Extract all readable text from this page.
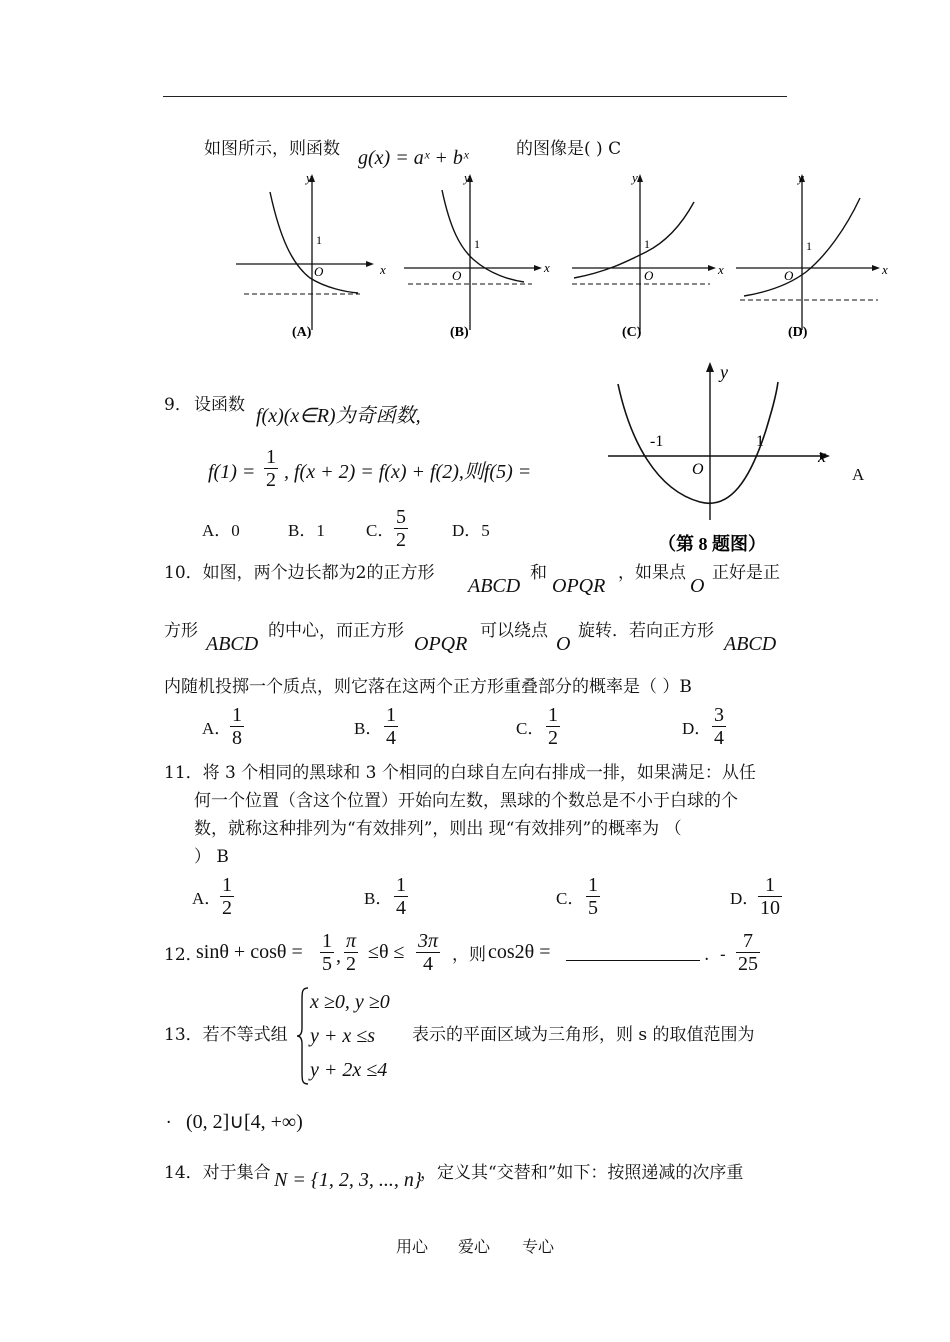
如图所示，则函数 g(x) = aˣ + bˣ	的图像是( ) C
y
x
O
1
(A)
y
x
O
1
(B)
y
x
O
1
(C)
y
x
O
1
(D)
9． 设函数 f(x)(x∈R)为奇函数,
$f(1) = \frac{1}{2}$ , f(x + 2) = f(x) + f(2),则f(5) =	A
A．0	B．1 C． $\frac{5}{2}$	D．5
y
x
O
-1	1
（第 8 题图）
10．如图，两个边长都为2的正方形
ABCD
和
OPQR
，如果点
O
正好是正
方形
ABCD
的中心，而正方形
OPQR
可以绕点
O
旋转．若向正方形
ABCD
内随机投掷一个质点，则它落在这两个正方形重叠部分的概率是（ ）B
A．
$\frac{1}{8}$	B． $\frac{1}{4}$	C． $\frac{1}{2}$	D． $\frac{3}{4}$
11．将 3 个相同的黑球和 3 个相同的白球自左向右排成一排，如果满足：从任
何一个位置（含这个位置）开始向左数，黑球的个数总是不小于白球的个
数，就称这种排列为“有效排列”，则出 现“有效排列”的概率为 （
） B
A．
$\frac{1}{2}$	B． $\frac{1}{4}$	C． $\frac{1}{5}$	D．
$\frac{1}{10}$
12．
$\sin\theta + \cos\theta = \frac{1}{5}$ , $\frac{\pi}{2} \le\theta \le \frac{3\pi}{4}$ ，则 cos2θ =	. - $\frac{7}{25}$
13．若不等式组
x ≥0, y ≥0
y + x ≤s
y + 2x ≤4
表示的平面区域为三角形，则 s 的取值范围为
· (0, 2]∪[4, +∞)
14．对于集合 N = {1, 2, 3, ..., n}
，定义其“交替和”如下：按照递减的次序重
用心 爱心 专心
